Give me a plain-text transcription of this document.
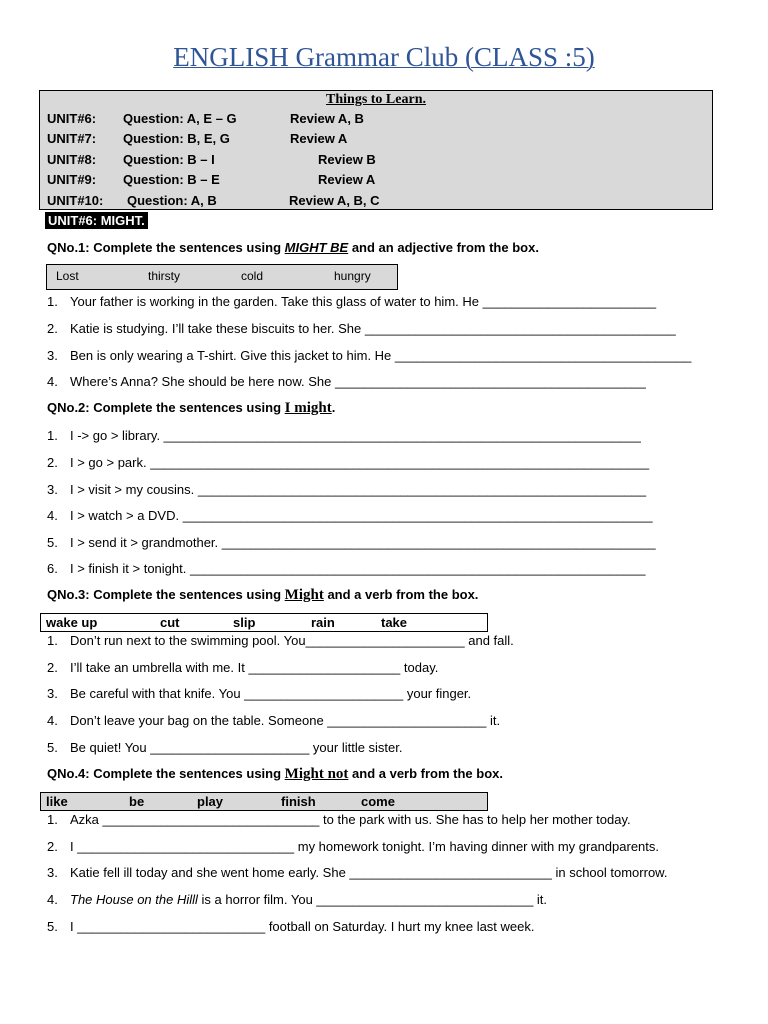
ENGLISH Grammar Club (CLASS :5)
Things to Learn.
UNIT#6: Question: A, E – G	Review A, B
UNIT#7: Question: B, E, G	Review A
UNIT#8: Question: B – I	Review B
UNIT#9: Question: B – E	Review A
UNIT#10: Question: A, B	Review A, B, C
UNIT#6: MIGHT.
QNo.1: Complete the sentences using MIGHT BE and an adjective from the box.
Lost	thirsty	cold	hungry
1. Your father is working in the garden. Take this glass of water to him. He ________________________
2. Katie is studying. I’ll take these biscuits to her. She ___________________________________________
3. Ben is only wearing a T-shirt. Give this jacket to him. He _________________________________________
4. Where’s Anna? She should be here now. She ___________________________________________
QNo.2: Complete the sentences using I might.
1. I -> go > library. __________________________________________________________________
2. I > go > park. _____________________________________________________________________
3. I > visit > my cousins. ______________________________________________________________
4. I > watch > a DVD. _________________________________________________________________
5. I > send it > grandmother. ____________________________________________________________
6. I > finish it > tonight. _______________________________________________________________
QNo.3: Complete the sentences using Might and a verb from the box.
wake up	cut	slip	rain	take
1. Don’t run next to the swimming pool. You______________________ and fall.
2. I’ll take an umbrella with me. It _____________________ today.
3. Be careful with that knife. You ______________________ your finger.
4. Don’t leave your bag on the table. Someone ______________________ it.
5. Be quiet! You ______________________ your little sister.
QNo.4: Complete the sentences using Might not and a verb from the box.
like	be	play	finish	come
1. Azka ______________________________ to the park with us. She has to help her mother today.
2. I ______________________________ my homework tonight. I’m having dinner with my grandparents.
3. Katie fell ill today and she went home early. She ____________________________ in school tomorrow.
4. The House on the Hilll is a horror film. You ______________________________ it.
5. I __________________________ football on Saturday. I hurt my knee last week.
